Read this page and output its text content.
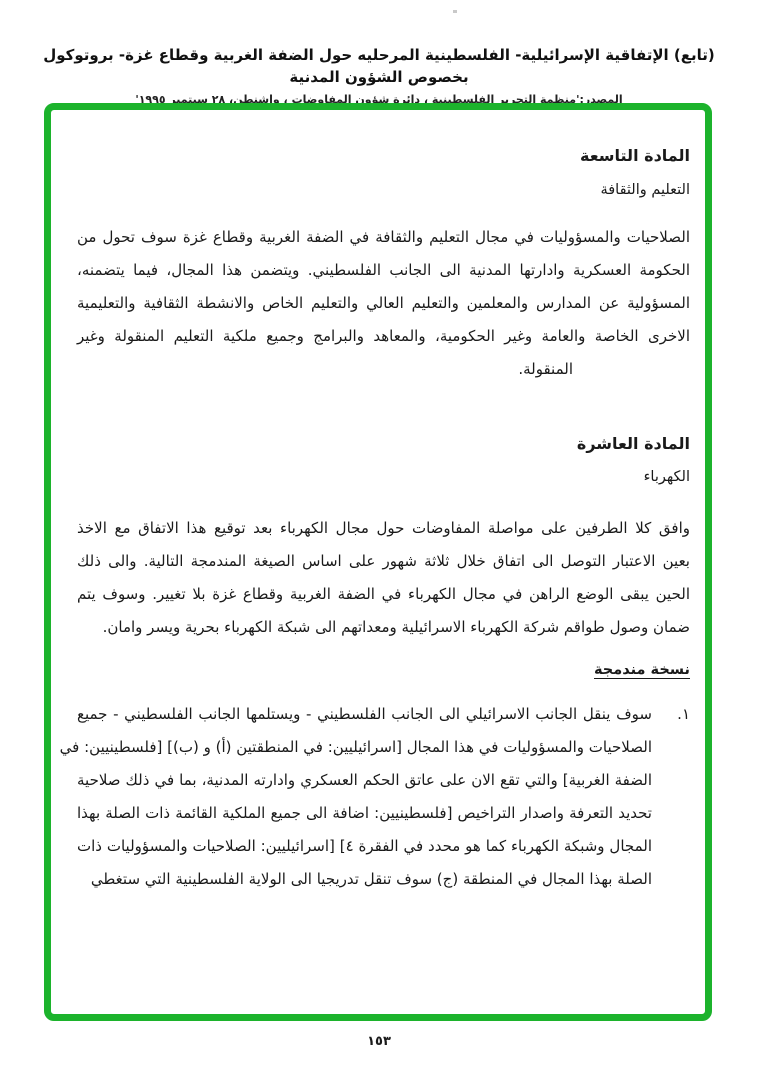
(تابع) الإتفاقية الإسرائيلية- الفلسطينية المرحليه حول الضفة الغربية وقطاع غزة- بروتوكول بخصوص الشؤون المدنية
المصدر:'منظمة التحرير الفلسطينية ، دائرة شؤون المفاوضات ، واشنطن، ٢٨ سبتمبر ١٩٩٥'
المادة التاسعة
التعليم والثقافة
الصلاحيات والمسؤوليات في مجال التعليم والثقافة في الضفة الغربية وقطاع غزة سوف تحول من
الحكومة العسكرية وادارتها المدنية الى الجانب الفلسطيني. ويتضمن هذا المجال، فيما يتضمنه،
المسؤولية عن المدارس والمعلمين والتعليم العالي والتعليم الخاص والانشطة الثقافية والتعليمية
الاخرى الخاصة والعامة وغير الحكومية، والمعاهد والبرامج وجميع ملكية التعليم المنقولة وغير
المنقولة.
المادة العاشرة
الكهرباء
وافق كلا الطرفين على مواصلة المفاوضات حول مجال الكهرباء بعد توقيع هذا الاتفاق مع الاخذ
بعين الاعتبار التوصل الى اتفاق خلال ثلاثة شهور على اساس الصيغة المندمجة التالية. والى ذلك
الحين يبقى الوضع الراهن في مجال الكهرباء في الضفة الغربية وقطاع غزة بلا تغيير. وسوف يتم
ضمان وصول طواقم شركة الكهرباء الاسرائيلية ومعداتهم الى شبكة الكهرباء بحرية ويسر وامان.
نسخة مندمجة
١.
سوف ينقل الجانب الاسرائيلي الى الجانب الفلسطيني - ويستلمها الجانب الفلسطيني - جميع
الصلاحيات والمسؤوليات في هذا المجال [اسرائيليين: في المنطقتين (أ) و (ب)] [فلسطينيين: في
الضفة الغربية] والتي تقع الان على عاتق الحكم العسكري وادارته المدنية، بما في ذلك صلاحية
تحديد التعرفة واصدار التراخيص [فلسطينيين: اضافة الى جميع الملكية القائمة ذات الصلة بهذا
المجال وشبكة الكهرباء كما هو محدد في الفقرة ٤] [اسرائيليين: الصلاحيات والمسؤوليات ذات
الصلة بهذا المجال في المنطقة (ج) سوف تنقل تدريجيا الى الولاية الفلسطينية التي ستغطي
١٥٣
